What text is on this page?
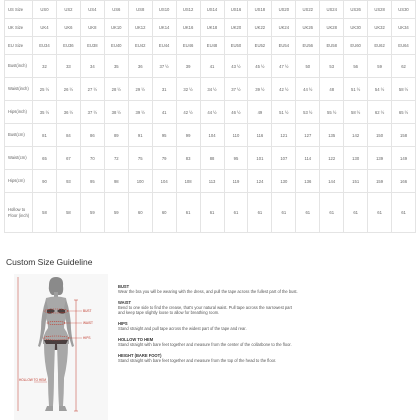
US Size	US0	US2	US4	US6	US8	US10	US12	US14	US16	US18	US20	US22	US24	US26	US28	US30
UK Size	UK4	UK6	UK8	UK10	UK12	UK14	UK16	UK18	UK20	UK22	UK24	UK26	UK28	UK30	UK32	UK34
EU Size	EU34	EU36	EU38	EU40	EU42	EU44	EU46	EU48	EU50	EU52	EU54	EU56	EU58	EU60	EU62	EU64
Bust(inch)	32	33	34	35	36	37 ½	39	41	43 ½	45 ½	47 ½	50	53	56	59	62
Waist(inch)	25 ½	26 ½	27 ½	28 ½	29 ½	31	32 ½	34 ½	37 ½	39 ½	42 ½	44 ½	48	51 ½	54 ½	58 ½
Hips(inch)	35 ½	36 ½	37 ½	38 ½	39 ½	41	42 ½	44 ½	46 ½	49	51 ½	53 ½	55 ½	58 ½	62 ½	65 ½
Bust(cm)	81	84	86	89	91	95	99	104	110	116	121	127	135	142	150	158
Waist(cm)	65	67	70	72	75	79	83	88	95	101	107	114	122	130	139	149
Hips(cm)	90	93	95	98	100	104	108	113	119	124	130	136	144	151	159	166
Hollow to Floor (inch)	58	58	59	59	60	60	61	61	61	61	61	61	61	61	61	61
Custom Size Guideline
BUST
WAIST
HIPS
HOLLOW TO HEM
BUST
Wear the bra you will be wearing with the dress, and pull the tape across the fullest part of the bust.
WAIST
Bend to one side to find the crease, that's your natural waist. Pull tape across the narrowest part and keep tape slightly loose to allow for breathing room.
HIPS
Stand straight and pull tape across the widest part of the tape and rear.
HOLLOW TO HEM
Stand straight with bare feet together and measure from the center of the collarbone to the floor.
HEIGHT (BARE FOOT)
Stand straight with bare feet together and measure from the top of the head to the floor.
